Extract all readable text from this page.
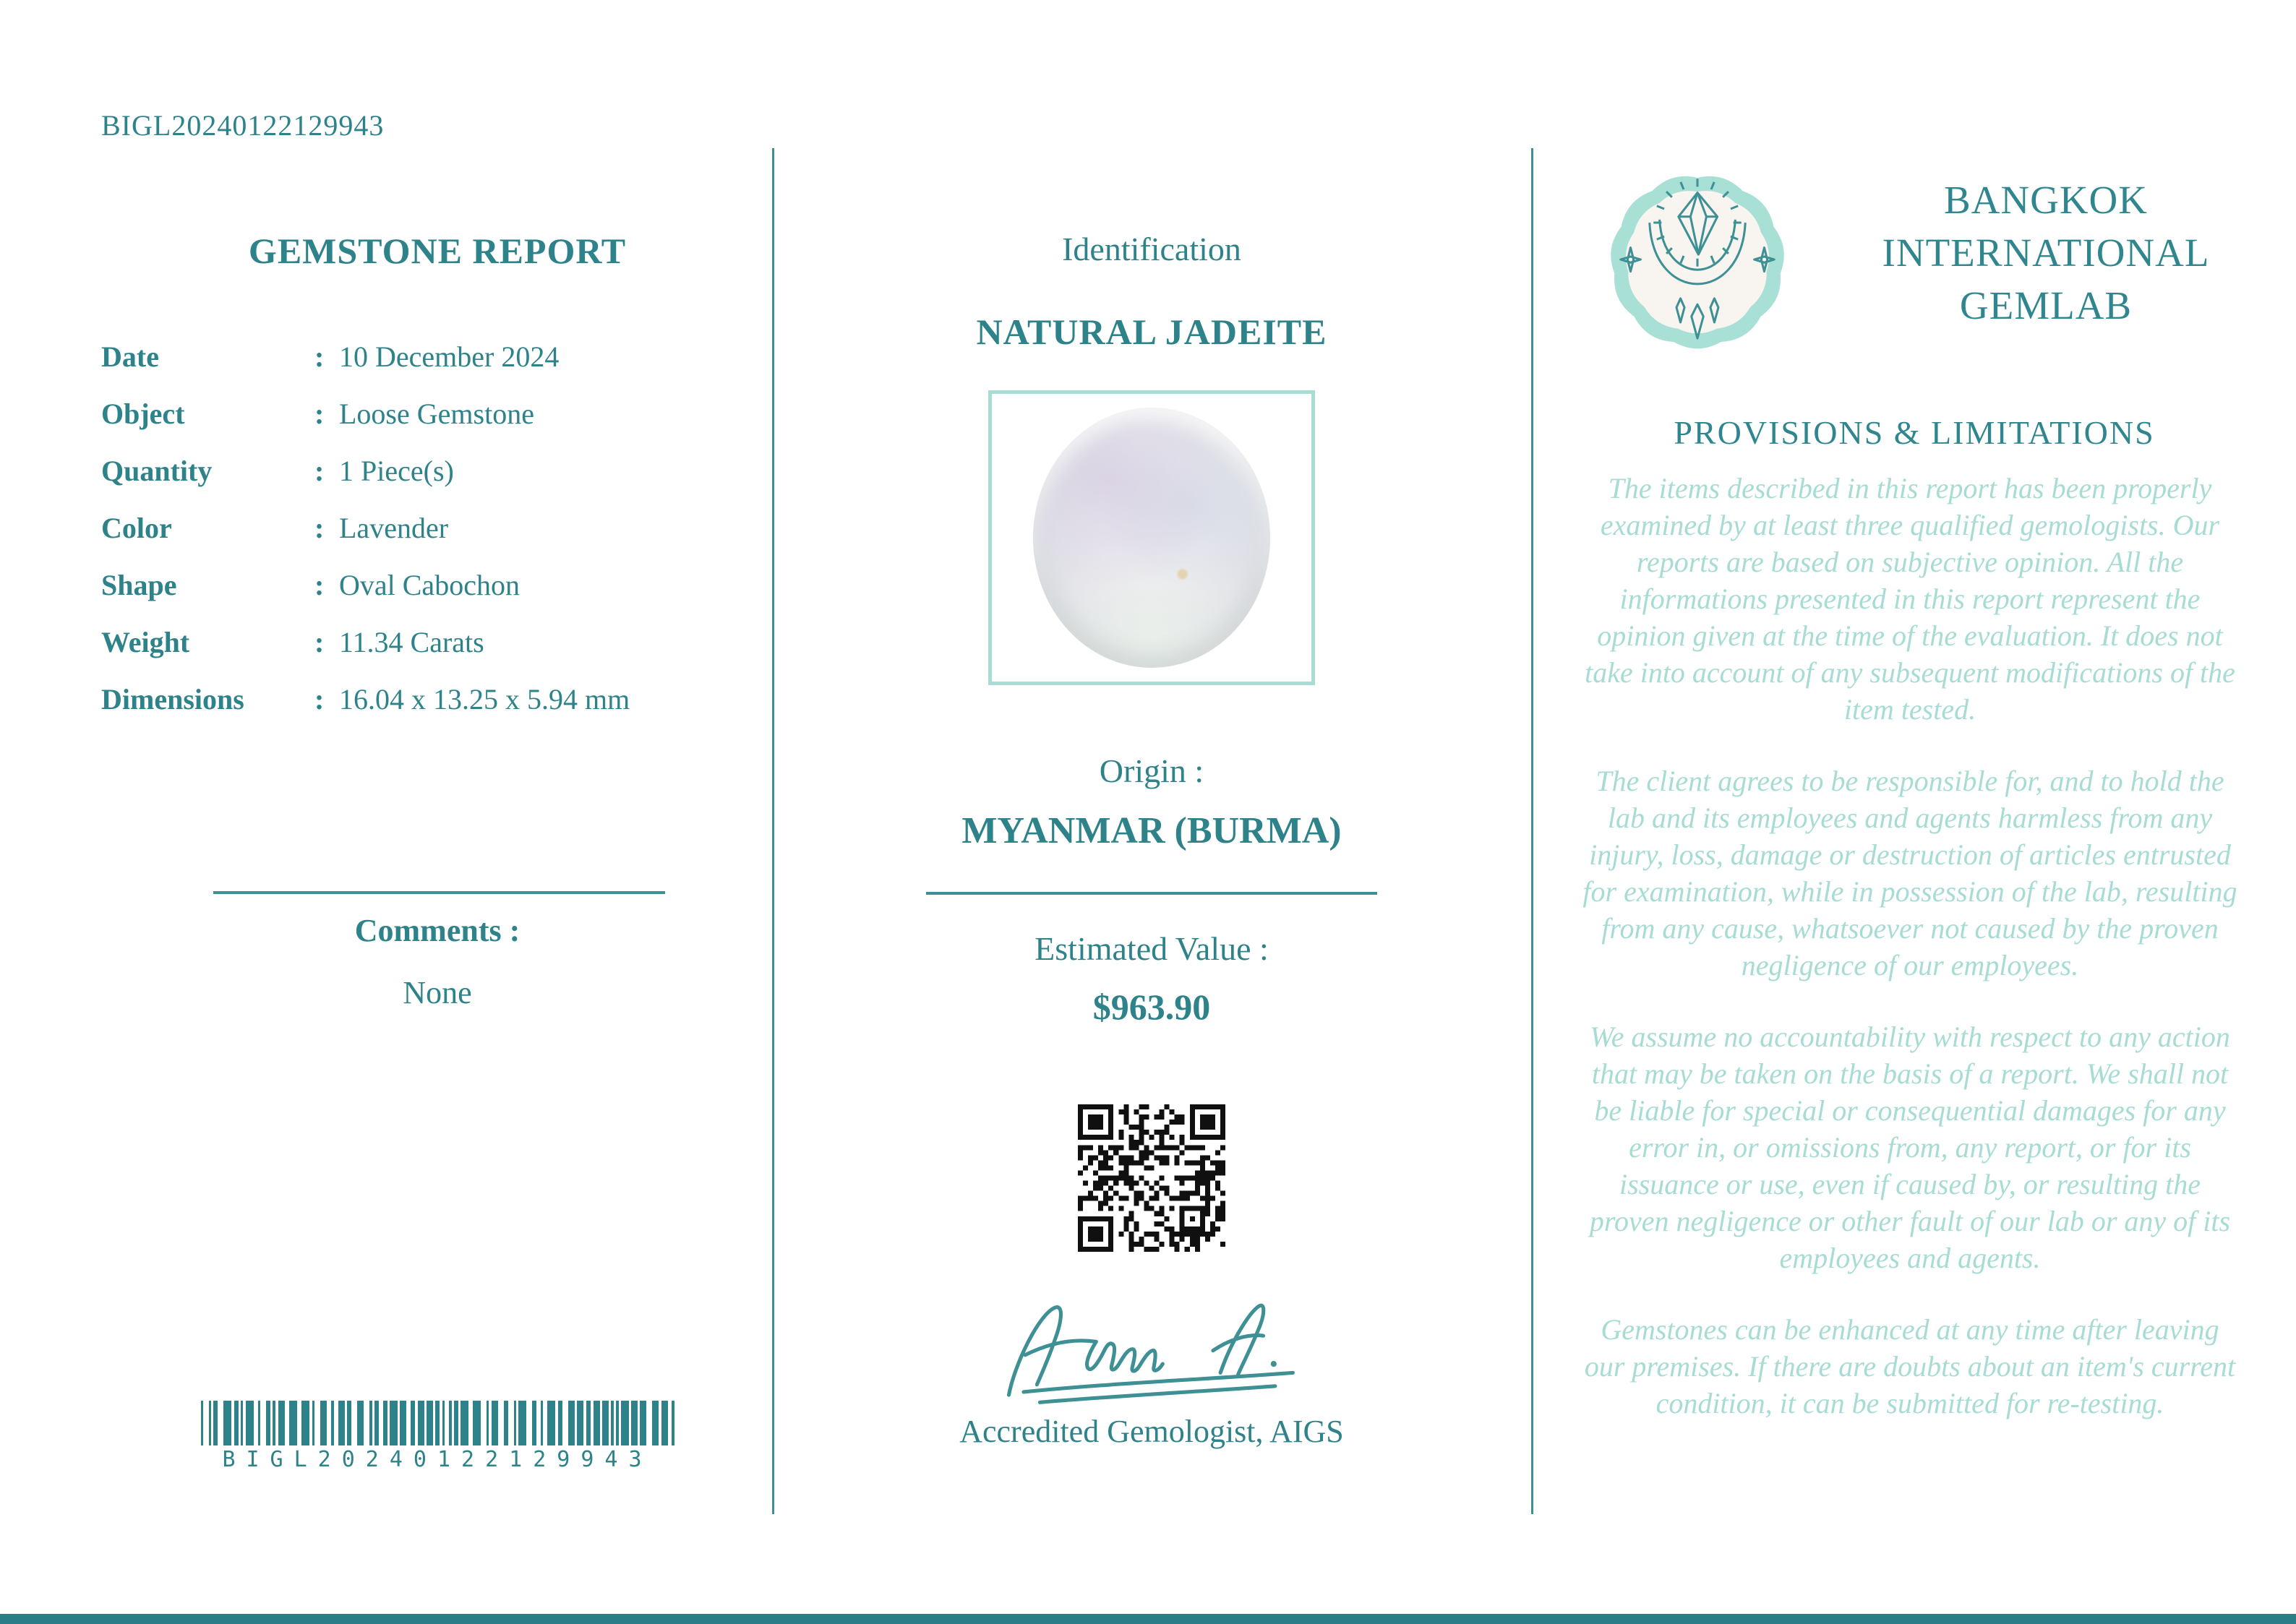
BIGL20240122129943
GEMSTONE REPORT
Date	: 10 December 2024
Object	: Loose Gemstone
Quantity	: 1 Piece(s)
Color	: Lavender
Shape	: Oval Cabochon
Weight	: 11.34 Carats
Dimensions	: 16.04 x 13.25 x 5.94 mm
Comments :
None
BIGL20240122129943
Identification
NATURAL JADEITE
Origin :
MYANMAR (BURMA)
Estimated Value :
$963.90
Accredited Gemologist, AIGS
BANGKOK
INTERNATIONAL
GEMLAB
PROVISIONS & LIMITATIONS

The items described in this report has been properly examined by at least three qualified gemologists. Our reports are based on subjective opinion. All the informations presented in this report represent the opinion given at the time of the evaluation. It does not take into account of any subsequent modifications of the item tested.

The client agrees to be responsible for, and to hold the lab and its employees and agents harmless from any injury, loss, damage or destruction of articles entrusted for examination, while in possession of the lab, resulting from any cause, whatsoever not caused by the proven negligence of our employees.

We assume no accountability with respect to any action that may be taken on the basis of a report. We shall not be liable for special or consequential damages for any error in, or omissions from, any report, or for its issuance or use, even if caused by, or resulting the proven negligence or other fault of our lab or any of its employees and agents.

Gemstones can be enhanced at any time after leaving our premises. If there are doubts about an item's current condition, it can be submitted for re-testing.
